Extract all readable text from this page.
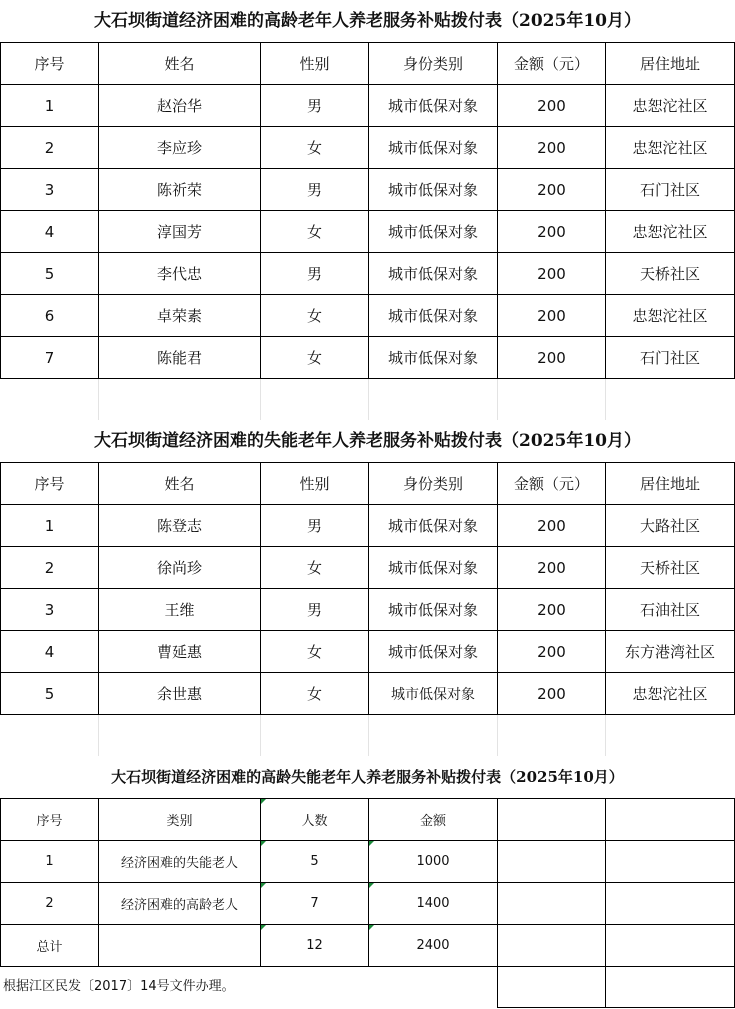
大石坝街道经济困难的高龄老年人养老服务补贴拨付表（2025年10月）
序号	姓名	性别	身份类别	金额（元）	居住地址
1	赵治华	男	城市低保对象	200	忠恕沱社区
2	李应珍	女	城市低保对象	200	忠恕沱社区
3	陈祈荣	男	城市低保对象	200	石门社区
4	淳国芳	女	城市低保对象	200	忠恕沱社区
5	李代忠	男	城市低保对象	200	天桥社区
6	卓荣素	女	城市低保对象	200	忠恕沱社区
7	陈能君	女	城市低保对象	200	石门社区
大石坝街道经济困难的失能老年人养老服务补贴拨付表（2025年10月）
序号	姓名	性别	身份类别	金额（元）	居住地址
1	陈登志	男	城市低保对象	200	大路社区
2	徐尚珍	女	城市低保对象	200	天桥社区
3	王维	男	城市低保对象	200	石油社区
4	曹延惠	女	城市低保对象	200	东方港湾社区
5	余世惠	女	城市低保对象	200	忠恕沱社区
大石坝街道经济困难的高龄失能老年人养老服务补贴拨付表（2025年10月）
序号	类别	人数	金额		
1	经济困难的失能老人	5	1000		
2	经济困难的高龄老人	7	1400		
总计		12	2400		
根据江区民发〔2017〕14号文件办理。
